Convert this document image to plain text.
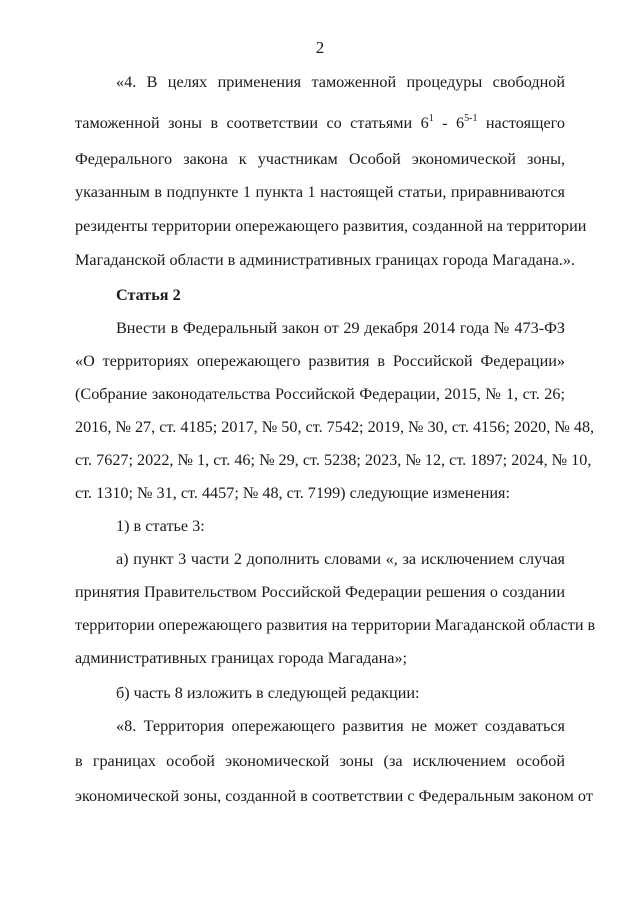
2
«4. В целях применения таможенной процедуры свободной
таможенной зоны в соответствии со статьями $6^1 - 6^{5-1}$ настоящего
Федерального закона к участникам Особой экономической зоны,
указанным в подпункте 1 пункта 1 настоящей статьи, приравниваются
резиденты территории опережающего развития, созданной на территории
Магаданской области в административных границах города Магадана.».
Статья 2
Внести в Федеральный закон от 29 декабря 2014 года № 473-ФЗ
«О территориях опережающего развития в Российской Федерации»
(Собрание законодательства Российской Федерации, 2015, № 1, ст. 26;
2016, № 27, ст. 4185; 2017, № 50, ст. 7542; 2019, № 30, ст. 4156; 2020, № 48,
ст. 7627; 2022, № 1, ст. 46; № 29, ст. 5238; 2023, № 12, ст. 1897; 2024, № 10,
ст. 1310; № 31, ст. 4457; № 48, ст. 7199) следующие изменения:
1) в статье 3:
а) пункт 3 части 2 дополнить словами «, за исключением случая
принятия Правительством Российской Федерации решения о создании
территории опережающего развития на территории Магаданской области в
административных границах города Магадана»;
б) часть 8 изложить в следующей редакции:
«8. Территория опережающего развития не может создаваться
в границах особой экономической зоны (за исключением особой
экономической зоны, созданной в соответствии с Федеральным законом от
